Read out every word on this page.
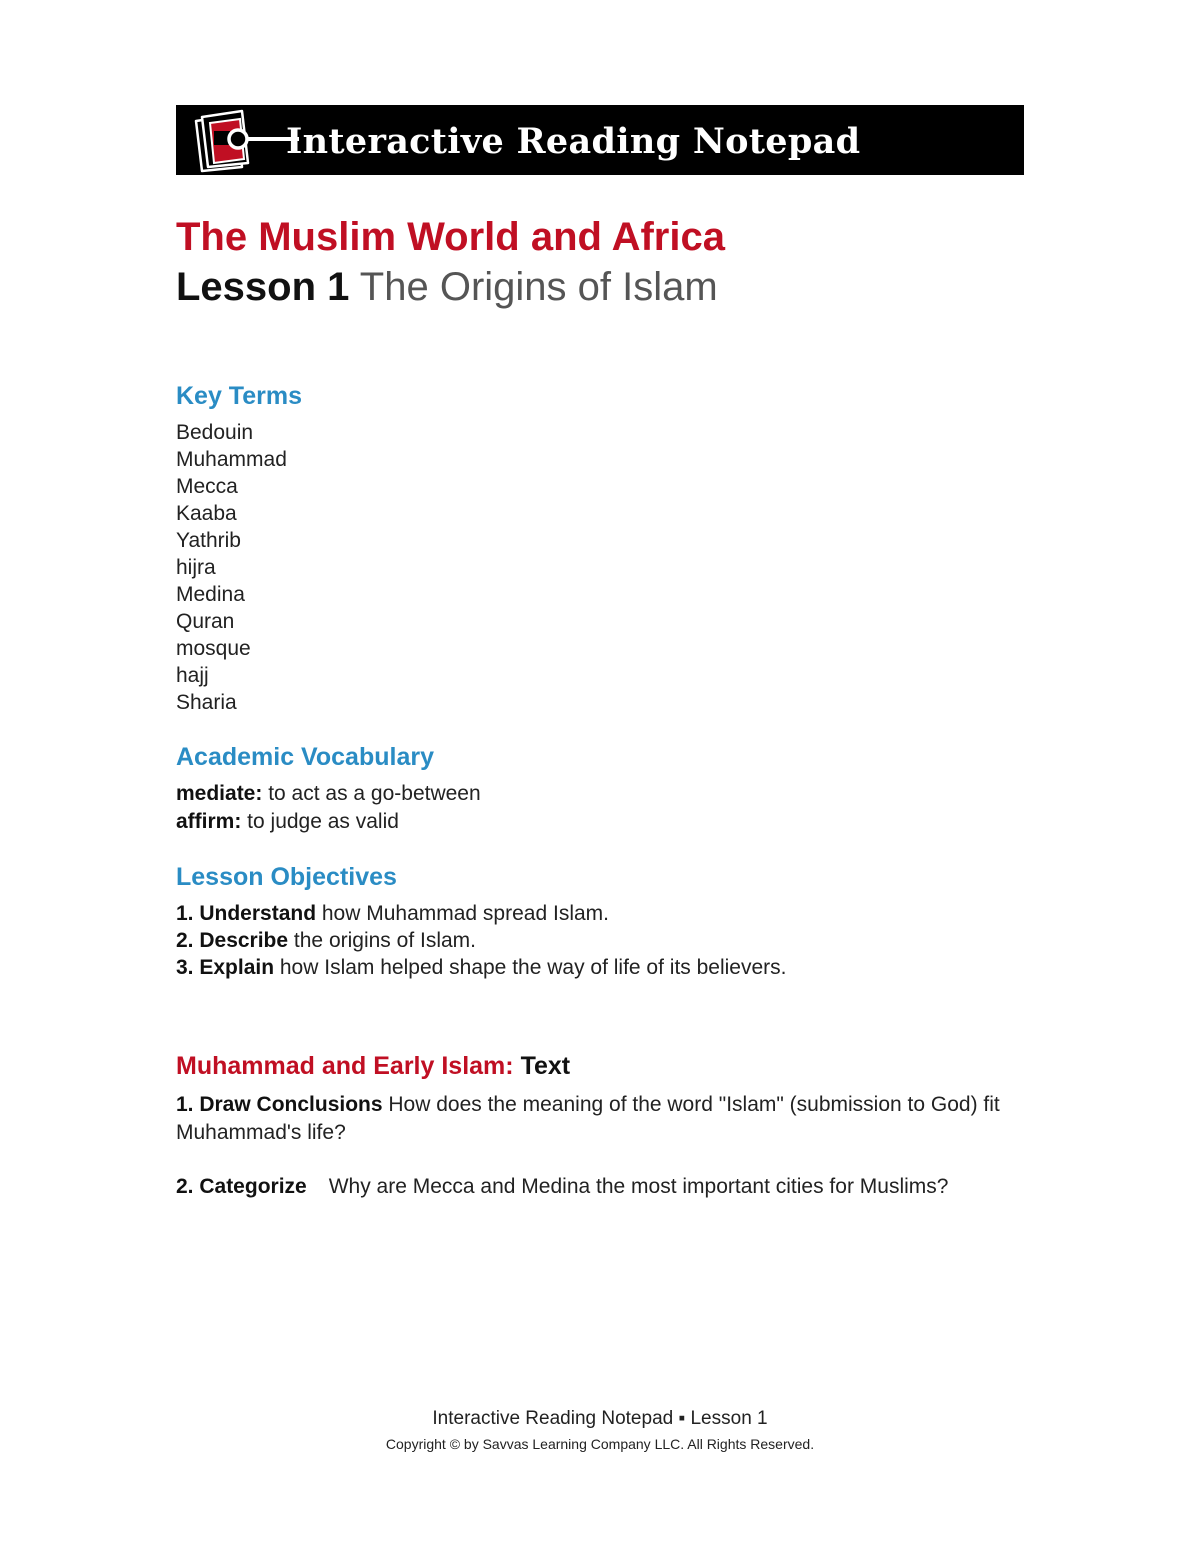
Interactive Reading Notepad
The Muslim World and Africa
Lesson 1 The Origins of Islam
Key Terms
Bedouin
Muhammad
Mecca
Kaaba
Yathrib
hijra
Medina
Quran
mosque
hajj
Sharia
Academic Vocabulary
mediate: to act as a go-between
affirm: to judge as valid
Lesson Objectives
1. Understand how Muhammad spread Islam.
2. Describe the origins of Islam.
3. Explain how Islam helped shape the way of life of its believers.
Muhammad and Early Islam: Text
1. Draw Conclusions How does the meaning of the word "Islam" (submission to God) fit Muhammad's life?
2. Categorize Why are Mecca and Medina the most important cities for Muslims?
Interactive Reading Notepad ▪ Lesson 1
Copyright © by Savvas Learning Company LLC. All Rights Reserved.
